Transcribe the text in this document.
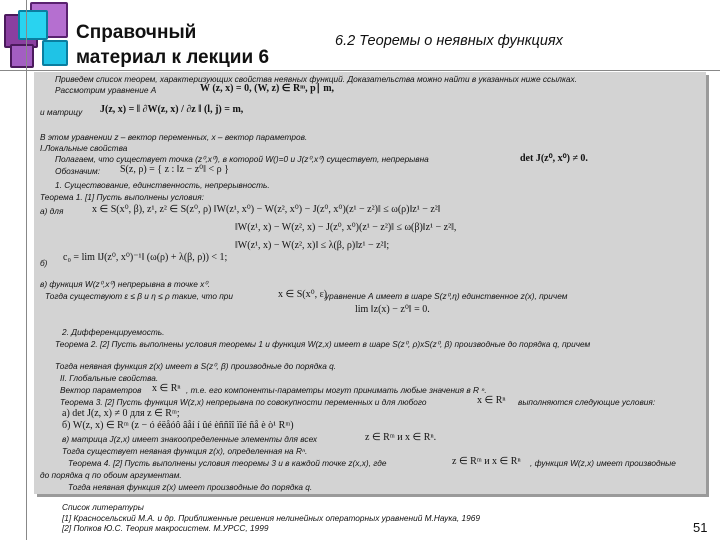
Справочный
материал к лекции 6
6.2 Теоремы о неявных функциях
Приведем список теорем, характеризующих свойства неявных функций. Доказательства можно найти в указанных ниже ссылках.
Рассмотрим уравнение А	W (z, x) = 0, (W, z) ∈ Rᵐ, p∣ m,
и матрицу J(z, x) = ‖ ∂W(z, x) / ∂z ‖ (l, j) = m,
В этом уравнении z – вектор переменных, x – вектор параметров.
I.Локальные свойства
Полагаем, что существует точка (z⁰,x⁰), в которой W()=0 и J(z⁰,x⁰) существует, непрерывна	det J(z⁰, x⁰) ≠ 0.
Обозначим: S(z, ρ) = { z : ‖z − z⁰‖ < ρ }
1. Существование, единственность, непрерывность.
Теорема 1. [1] Пусть выполнены условия:
а) для	x ∈ S(x⁰, β), z¹, z² ∈ S(z⁰, ρ) ‖W(z¹, x⁰) − W(z², x⁰) − J(z⁰, x⁰)(z¹ − z²)‖ ≤ ω(ρ)‖z¹ − z²‖
‖W(z¹, x) − W(z², x) − J(z⁰, x⁰)(z¹ − z²)‖ ≤ ω(β)‖z¹ − z²‖,
‖W(z¹, x) − W(z², x)‖ ≤ λ(β, ρ)‖z¹ − z²‖;
б) c₀ = lim ‖J(z⁰, x⁰)⁻¹‖ (ω(ρ) + λ(β, ρ)) < 1;
в) функция W(z⁰,x⁰) непрерывна в точке x⁰.
Тогда существуют ε ≤ β и η ≤ ρ такие, что при	x ∈ S(x⁰, ε)
уравнение А имеет в шаре S(z⁰,η) единственное z(x), причем
lim ‖z(x) − z⁰‖ = 0.
2. Дифференцируемость.
Теорема 2. [2] Пусть выполнены условия теоремы 1 и функция W(z,x) имеет в шаре S(z⁰, ρ)xS(z⁰, β) производные до порядка q, причем
Тогда неявная функция z(x) имеет в S(z⁰, β) производные до порядка q.
II. Глобальные свойства.
Вектор параметров x ∈ Rⁿ , т.е. его компоненты-параметры могут принимать любые значения в R ⁿ.
Теорема 3. [2] Пусть функция W(z,x) непрерывна по совокупности переменных и для любого	x ∈ Rⁿ выполняются следующие условия:
а) det J(z, x) ≠ 0 для z ∈ Rᵐ;
б) W(z, x) ∈ Rᵐ (z − ó éëåóô âåí í ûé èññîî ïîé ñå è ò¹ Rᵐ)
в) матрица J(z,x) имеет знакоопределенные элементы для всех	z ∈ Rᵐ и x ∈ Rⁿ.
Тогда существует неявная функция z(x), определенная на Rⁿ.
Теорема 4. [2] Пусть выполнены условия теоремы 3 и в каждой точке z(x,x), где	z ∈ Rᵐ и x ∈ Rⁿ , функция W(z,x) имеет производные
до порядка q по обоим аргументам.
Тогда неявная функция z(x) имеет производные до порядка q.
Список литературы
[1] Красносельский М.А. и др. Приближенные решения нелинейных операторных уравнений М.Наука, 1969
[2] Попков Ю.С. Теория макросистем. М.УРСС, 1999	51
